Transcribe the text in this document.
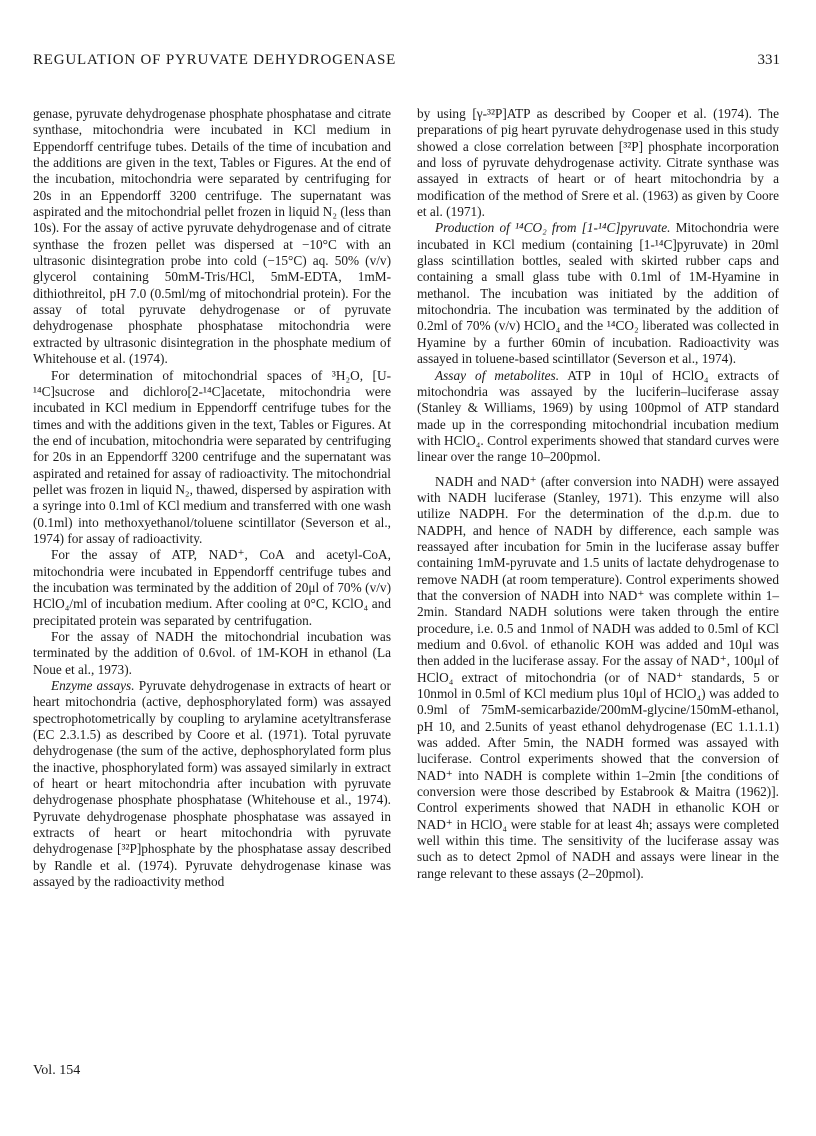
REGULATION OF PYRUVATE DEHYDROGENASE	331

genase, pyruvate dehydrogenase phosphate phosphatase and citrate synthase, mitochondria were incubated in KCl medium in Eppendorff centrifuge tubes. Details of the time of incubation and the additions are given in the text, Tables or Figures. At the end of the incubation, mitochondria were separated by centrifuging for 20s in an Eppendorff 3200 centrifuge. The supernatant was aspirated and the mitochondrial pellet frozen in liquid N₂ (less than 10s). For the assay of active pyruvate dehydrogenase and of citrate synthase the frozen pellet was dispersed at −10°C with an ultrasonic disintegration probe into cold (−15°C) aq. 50% (v/v) glycerol containing 50mM-Tris/HCl, 5mM-EDTA, 1mM-dithiothreitol, pH 7.0 (0.5ml/mg of mitochondrial protein). For the assay of total pyruvate dehydrogenase or of pyruvate dehydrogenase phosphate phosphatase mitochondria were extracted by ultrasonic disintegration in the phosphate medium of Whitehouse et al. (1974).

For determination of mitochondrial spaces of ³H₂O, [U-¹⁴C]sucrose and dichloro[2-¹⁴C]acetate, mitochondria were incubated in KCl medium in Eppendorff centrifuge tubes for the times and with the additions given in the text, Tables or Figures. At the end of incubation, mitochondria were separated by centrifuging for 20s in an Eppendorff 3200 centrifuge and the supernatant was aspirated and retained for assay of radioactivity. The mitochondrial pellet was frozen in liquid N₂, thawed, dispersed by aspiration with a syringe into 0.1ml of KCl medium and transferred with one wash (0.1ml) into methoxyethanol/toluene scintillator (Severson et al., 1974) for assay of radioactivity.

For the assay of ATP, NAD⁺, CoA and acetyl-CoA, mitochondria were incubated in Eppendorff centrifuge tubes and the incubation was terminated by the addition of 20μl of 70% (v/v) HClO₄/ml of incubation medium. After cooling at 0°C, KClO₄ and precipitated protein was separated by centrifugation.

For the assay of NADH the mitochondrial incubation was terminated by the addition of 0.6vol. of 1M-KOH in ethanol (La Noue et al., 1973).

Enzyme assays. Pyruvate dehydrogenase in extracts of heart or heart mitochondria (active, dephosphorylated form) was assayed spectrophotometrically by coupling to arylamine acetyltransferase (EC 2.3.1.5) as described by Coore et al. (1971). Total pyruvate dehydrogenase (the sum of the active, dephosphorylated form plus the inactive, phosphorylated form) was assayed similarly in extract of heart or heart mitochondria after incubation with pyruvate dehydrogenase phosphate phosphatase (Whitehouse et al., 1974). Pyruvate dehydrogenase phosphate phosphatase was assayed in extracts of heart or heart mitochondria with pyruvate dehydrogenase [³²P]phosphate by the phosphatase assay described by Randle et al. (1974). Pyruvate dehydrogenase kinase was assayed by the radioactivity method

by using [γ-³²P]ATP as described by Cooper et al. (1974). The preparations of pig heart pyruvate dehydrogenase used in this study showed a close correlation between [³²P] phosphate incorporation and loss of pyruvate dehydrogenase activity. Citrate synthase was assayed in extracts of heart or of heart mitochondria by a modification of the method of Srere et al. (1963) as given by Coore et al. (1971).

Production of ¹⁴CO₂ from [1-¹⁴C]pyruvate. Mitochondria were incubated in KCl medium (containing [1-¹⁴C]pyruvate) in 20ml glass scintillation bottles, sealed with skirted rubber caps and containing a small glass tube with 0.1ml of 1M-Hyamine in methanol. The incubation was initiated by the addition of mitochondria. The incubation was terminated by the addition of 0.2ml of 70% (v/v) HClO₄ and the ¹⁴CO₂ liberated was collected in Hyamine by a further 60min of incubation. Radioactivity was assayed in toluene-based scintillator (Severson et al., 1974).

Assay of metabolites. ATP in 10μl of HClO₄ extracts of mitochondria was assayed by the luciferin–luciferase assay (Stanley & Williams, 1969) by using 100pmol of ATP standard made up in the corresponding mitochondrial incubation medium with HClO₄. Control experiments showed that standard curves were linear over the range 10–200pmol.

NADH and NAD⁺ (after conversion into NADH) were assayed with NADH luciferase (Stanley, 1971). This enzyme will also utilize NADPH. For the determination of the d.p.m. due to NADPH, and hence of NADH by difference, each sample was reassayed after incubation for 5min in the luciferase assay buffer containing 1mM-pyruvate and 1.5 units of lactate dehydrogenase to remove NADH (at room temperature). Control experiments showed that the conversion of NADH into NAD⁺ was complete within 1–2min. Standard NADH solutions were taken through the entire procedure, i.e. 0.5 and 1nmol of NADH was added to 0.5ml of KCl medium and 0.6vol. of ethanolic KOH was added and 10μl was then added in the luciferase assay. For the assay of NAD⁺, 100μl of HClO₄ extract of mitochondria (or of NAD⁺ standards, 5 or 10nmol in 0.5ml of KCl medium plus 10μl of HClO₄) was added to 0.9ml of 75mM-semicarbazide/200mM-glycine/150mM-ethanol, pH 10, and 2.5units of yeast ethanol dehydrogenase (EC 1.1.1.1) was added. After 5min, the NADH formed was assayed with luciferase. Control experiments showed that the conversion of NAD⁺ into NADH is complete within 1–2min [the conditions of conversion were those described by Estabrook & Maitra (1962)]. Control experiments showed that NADH in ethanolic KOH or NAD⁺ in HClO₄ were stable for at least 4h; assays were completed well within this time. The sensitivity of the luciferase assay was such as to detect 2pmol of NADH and assays were linear in the range relevant to these assays (2–20pmol).

Vol. 154
